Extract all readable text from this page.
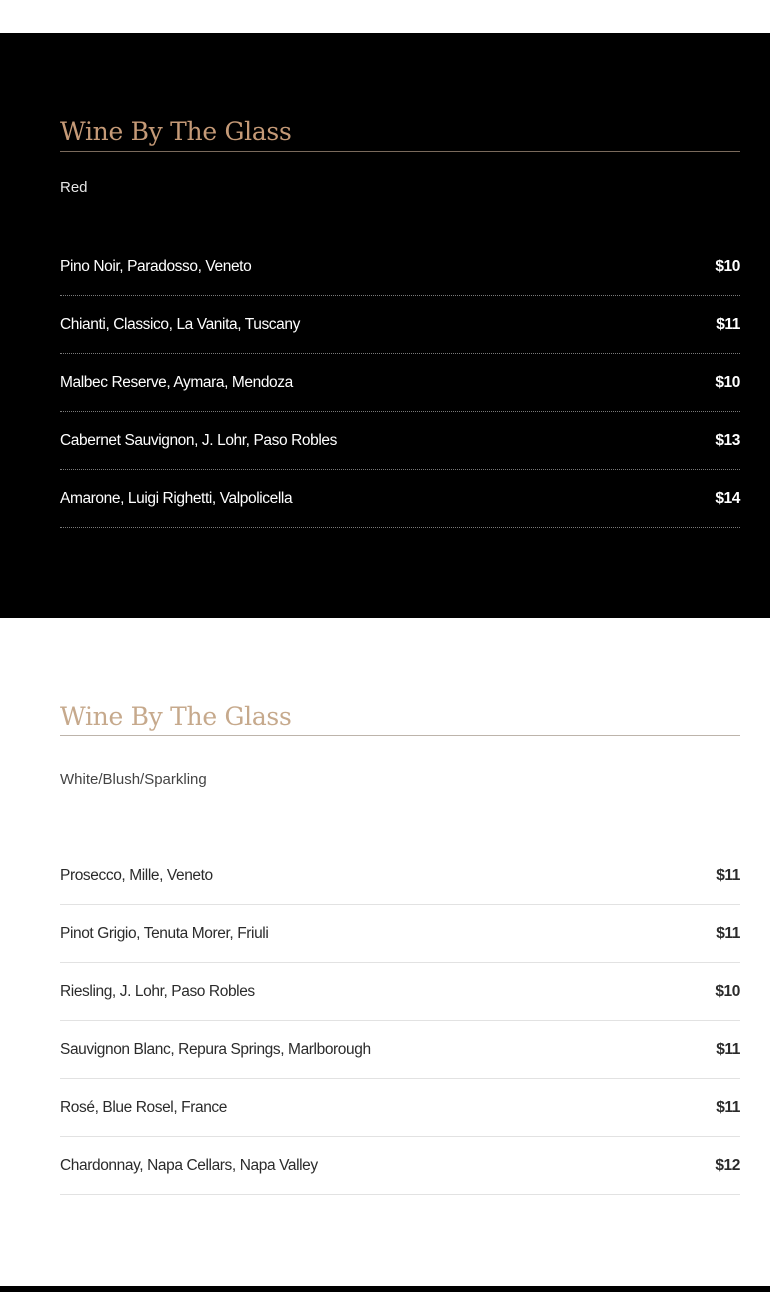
Wine By The Glass
Red
Pino Noir, Paradosso, Veneto	$10
Chianti, Classico, La Vanita, Tuscany	$11
Malbec Reserve, Aymara, Mendoza	$10
Cabernet Sauvignon, J. Lohr, Paso Robles	$13
Amarone, Luigi Righetti, Valpolicella	$14
Wine By The Glass
White/Blush/Sparkling
Prosecco, Mille, Veneto	$11
Pinot Grigio, Tenuta Morer, Friuli	$11
Riesling, J. Lohr, Paso Robles	$10
Sauvignon Blanc, Repura Springs, Marlborough	$11
Rosé, Blue Rosel, France	$11
Chardonnay, Napa Cellars, Napa Valley	$12
